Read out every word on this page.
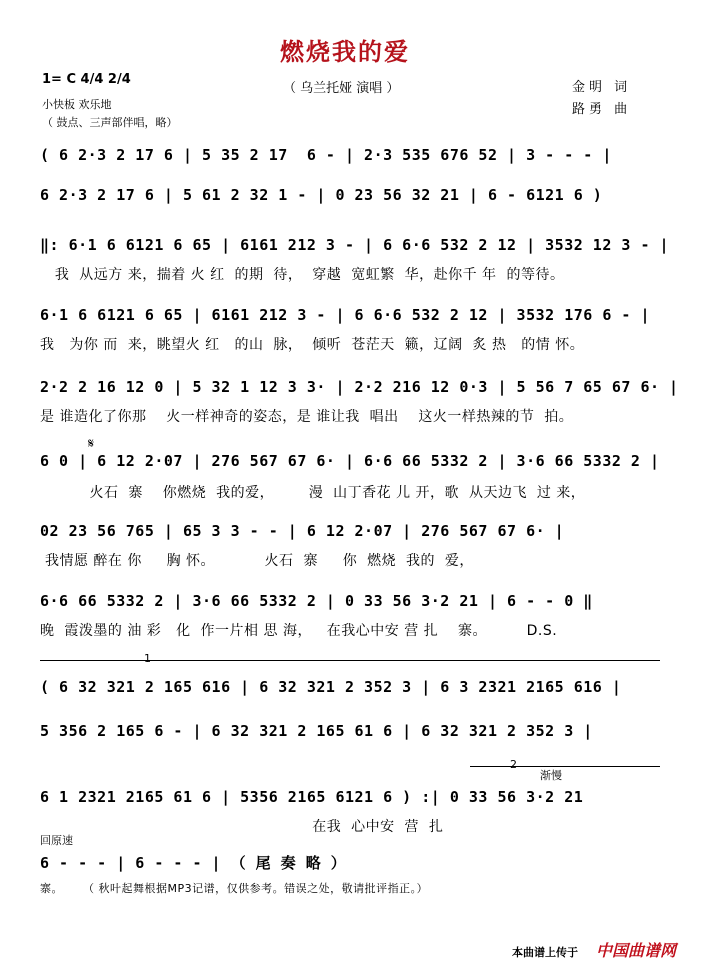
燃烧我的爱
（ 乌兰托娅 演唱 ）	金明 词
路勇 曲
1= C 4/4 2/4
小快板 欢乐地
（ 鼓点、三声部伴唱，略）
( 6 2·3 2 17 6 | 5 35 2 17  6 - | 2·3 535 676 52 | 3 - - - |
6 2·3 2 17 6 | 5 61 2 32 1 - | 0 23 56 32 21 | 6 - 6121 6 )
‖: 6·1 6 6121 6 65 | 6161 212 3 - | 6 6·6 532 2 12 | 3532 12 3 - |
我  从远方 来，揣着 火 红  的期  待，  穿越  宽虹繁  华，赴你千 年  的等待。
6·1 6 6121 6 65 | 6161 212 3 - | 6 6·6 532 2 12 | 3532 176 6 - |
我   为你 而  来，眺望火 红   的山  脉，  倾听  苍茫天  籁，辽阔  炙 热   的情 怀。
2·2 2 16 12 0 | 5 32 1 12 3 3· | 2·2 216 12 0·3 | 5 56 7 65 67 6· |
是 谁造化了你那    火一样神奇的姿态，是 谁让我  唱出    这火一样热辣的节  拍。
𝄋
6 0 | 6 12 2·07 | 276 567 67 6· | 6·6 66 5332 2 | 3·6 66 5332 2 |
火石  寨    你燃烧  我的爱，       漫  山丁香花 儿 开，歌  从天边飞  过 来，
02 23 56 765 | 65 3 3 - - | 6 12 2·07 | 276 567 67 6· |
我情愿 醉在 你     胸 怀。          火石  寨     你  燃烧  我的  爱，
6·6 66 5332 2 | 3·6 66 5332 2 | 0 33 56 3·2 21 | 6 - - 0 ‖
晚  霞泼墨的 油 彩   化  作一片相 思 海，   在我心中安 营 扎    寨。        D.S.
1
( 6 32 321 2 165 616 | 6 32 321 2 352 3 | 6 3 2321 2165 616 |
5 356 2 165 6 - | 6 32 321 2 165 61 6 | 6 32 321 2 352 3 |
2
渐慢
6 1 2321 2165 61 6 | 5356 2165 6121 6 ) :| 0 33 56 3·2 21
在我  心中安  营  扎
回原速
6 - - - | 6 - - - | （ 尾 奏 略 ）
寨。     （ 秋叶起舞根据MP3记谱，仅供参考。错误之处，敬请批评指正。）
本曲谱上传于 中国曲谱网
